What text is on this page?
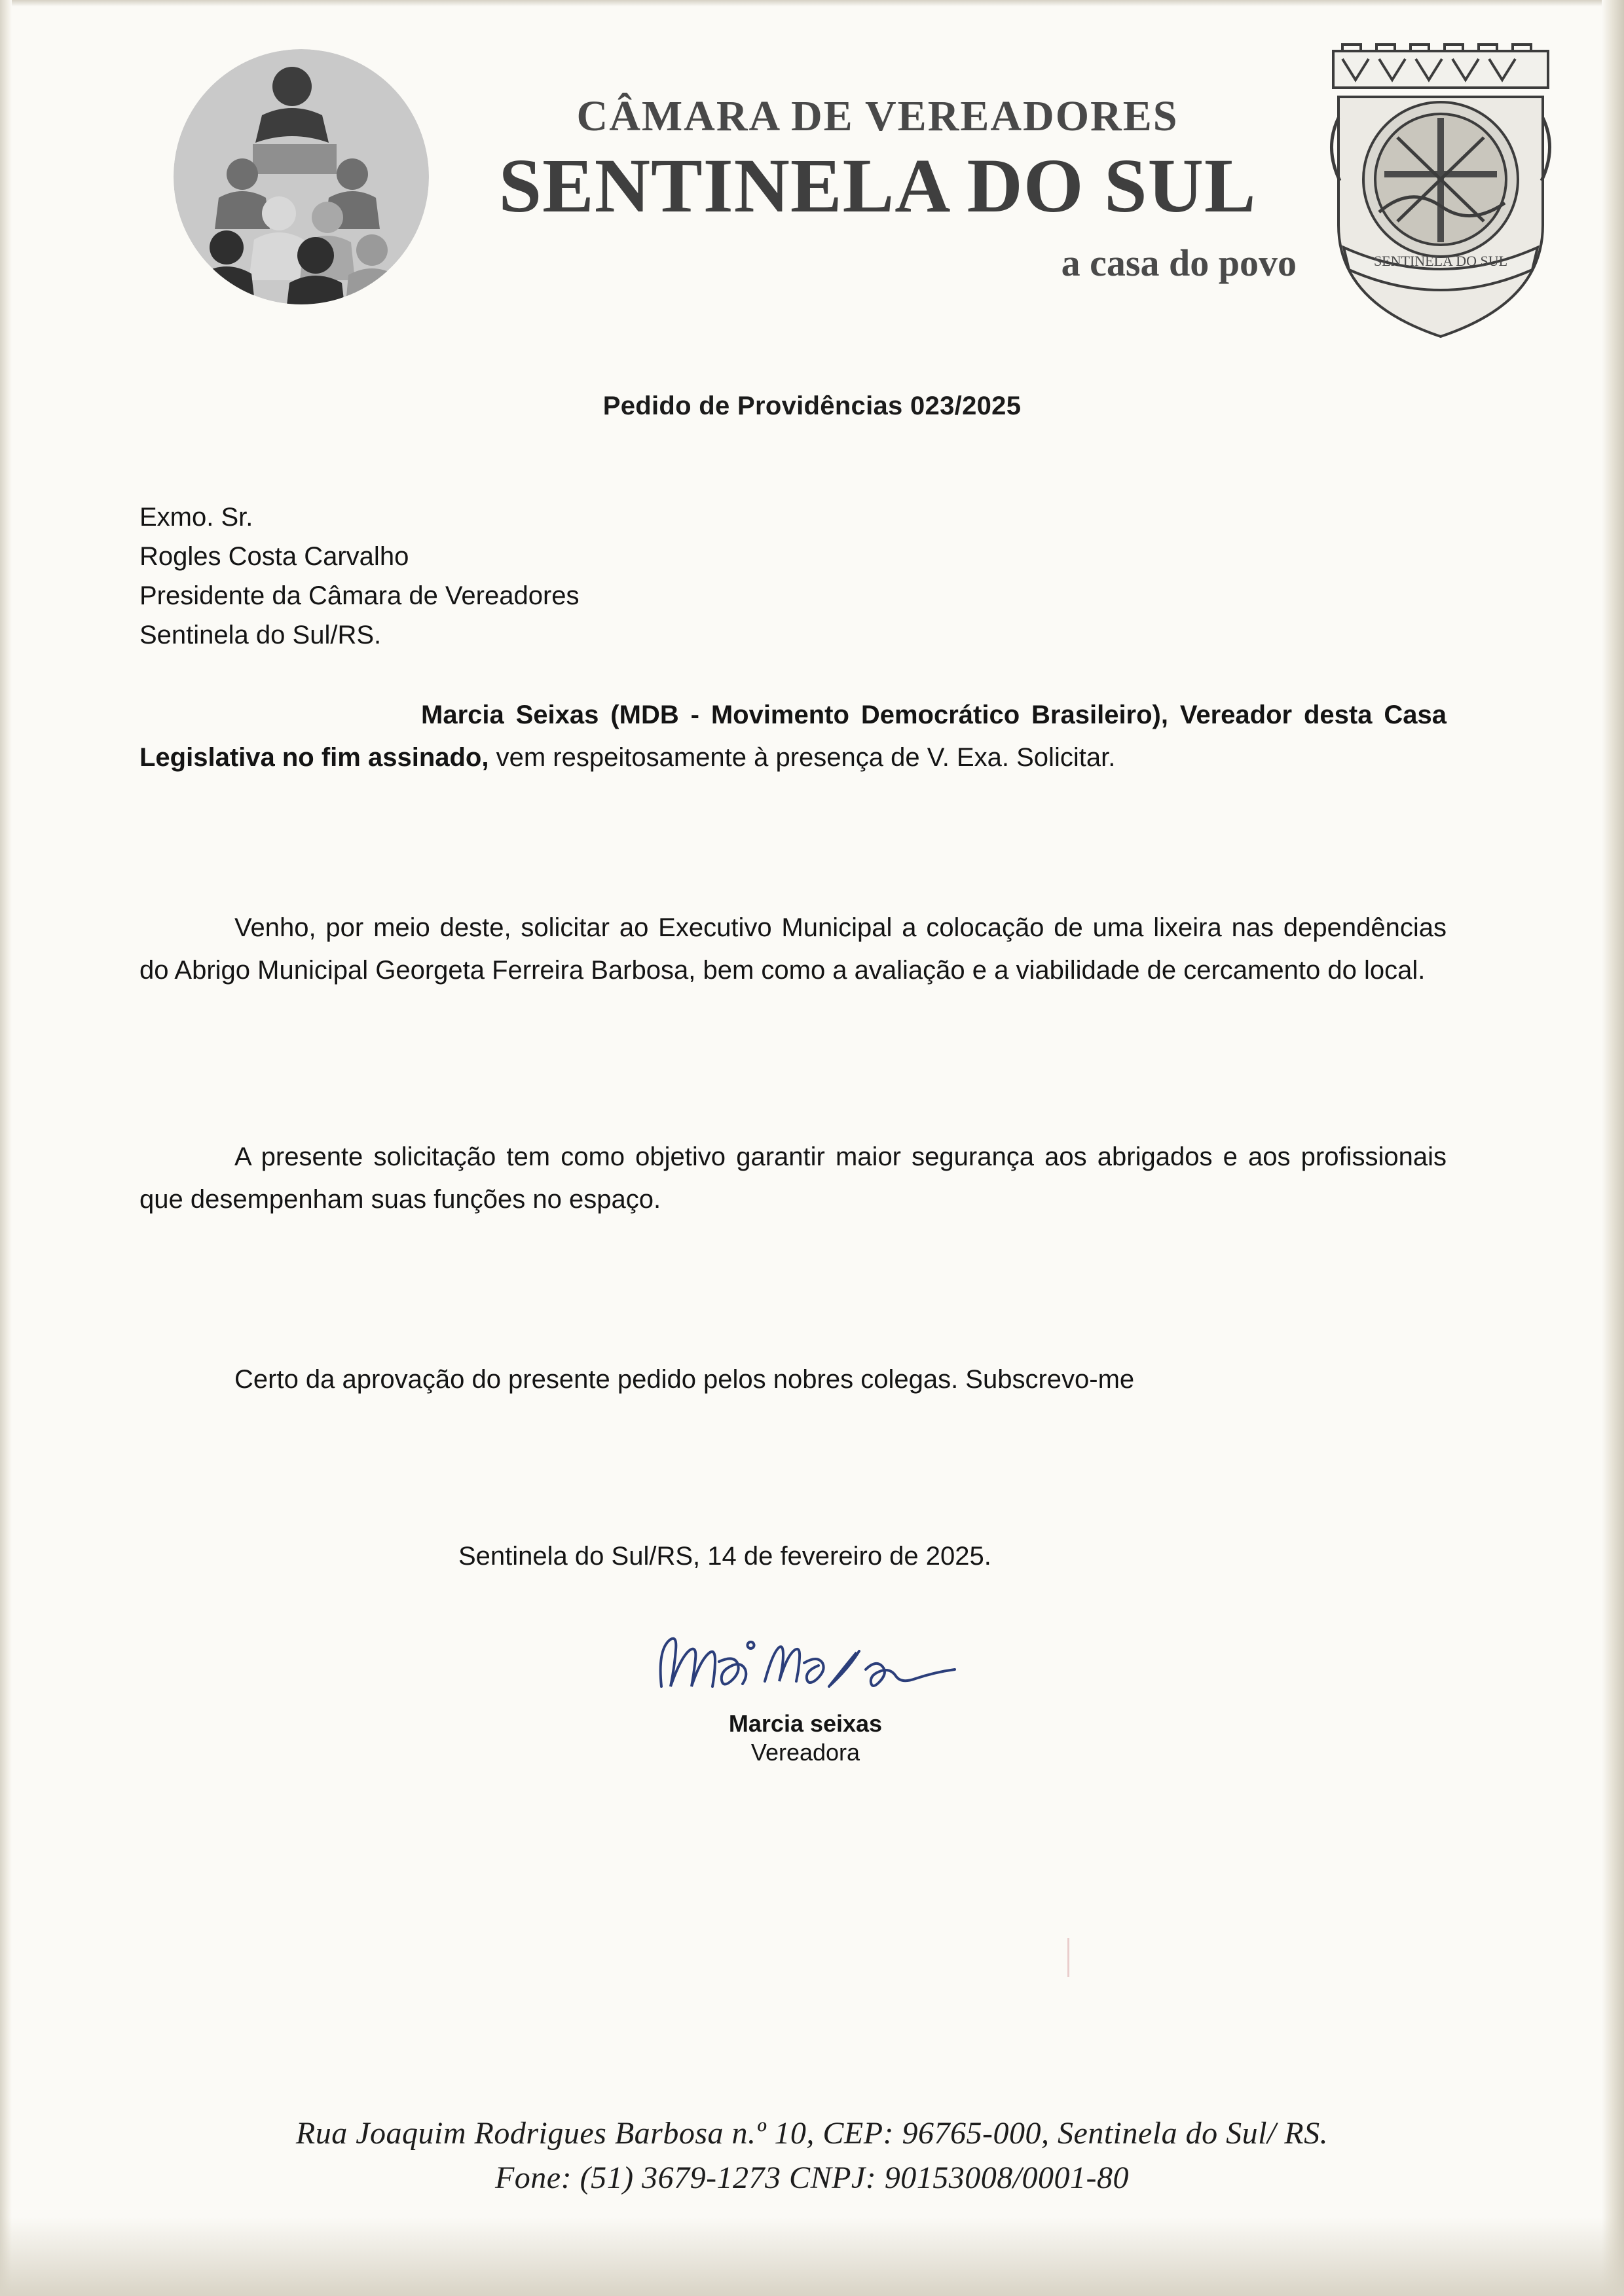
CÂMARA DE VEREADORES
SENTINELA DO SUL
a casa do povo	SENTINELA DO SUL
Pedido de Providências 023/2025
Exmo. Sr.
Rogles Costa Carvalho
Presidente da Câmara de Vereadores
Sentinela do Sul/RS.
Marcia Seixas (MDB - Movimento Democrático Brasileiro), Vereador desta Casa Legislativa no fim assinado, vem respeitosamente à presença de V. Exa. Solicitar.
Venho, por meio deste, solicitar ao Executivo Municipal a colocação de uma lixeira nas dependências do Abrigo Municipal Georgeta Ferreira Barbosa, bem como a avaliação e a viabilidade de cercamento do local.
A presente solicitação tem como objetivo garantir maior segurança aos abrigados e aos profissionais que desempenham suas funções no espaço.
Certo da aprovação do presente pedido pelos nobres colegas. Subscrevo-me
Sentinela do Sul/RS, 14 de fevereiro de 2025.
Marcia seixas
Vereadora
Rua Joaquim Rodrigues Barbosa n.º 10, CEP: 96765-000, Sentinela do Sul/ RS.
Fone: (51) 3679-1273 CNPJ: 90153008/0001-80
